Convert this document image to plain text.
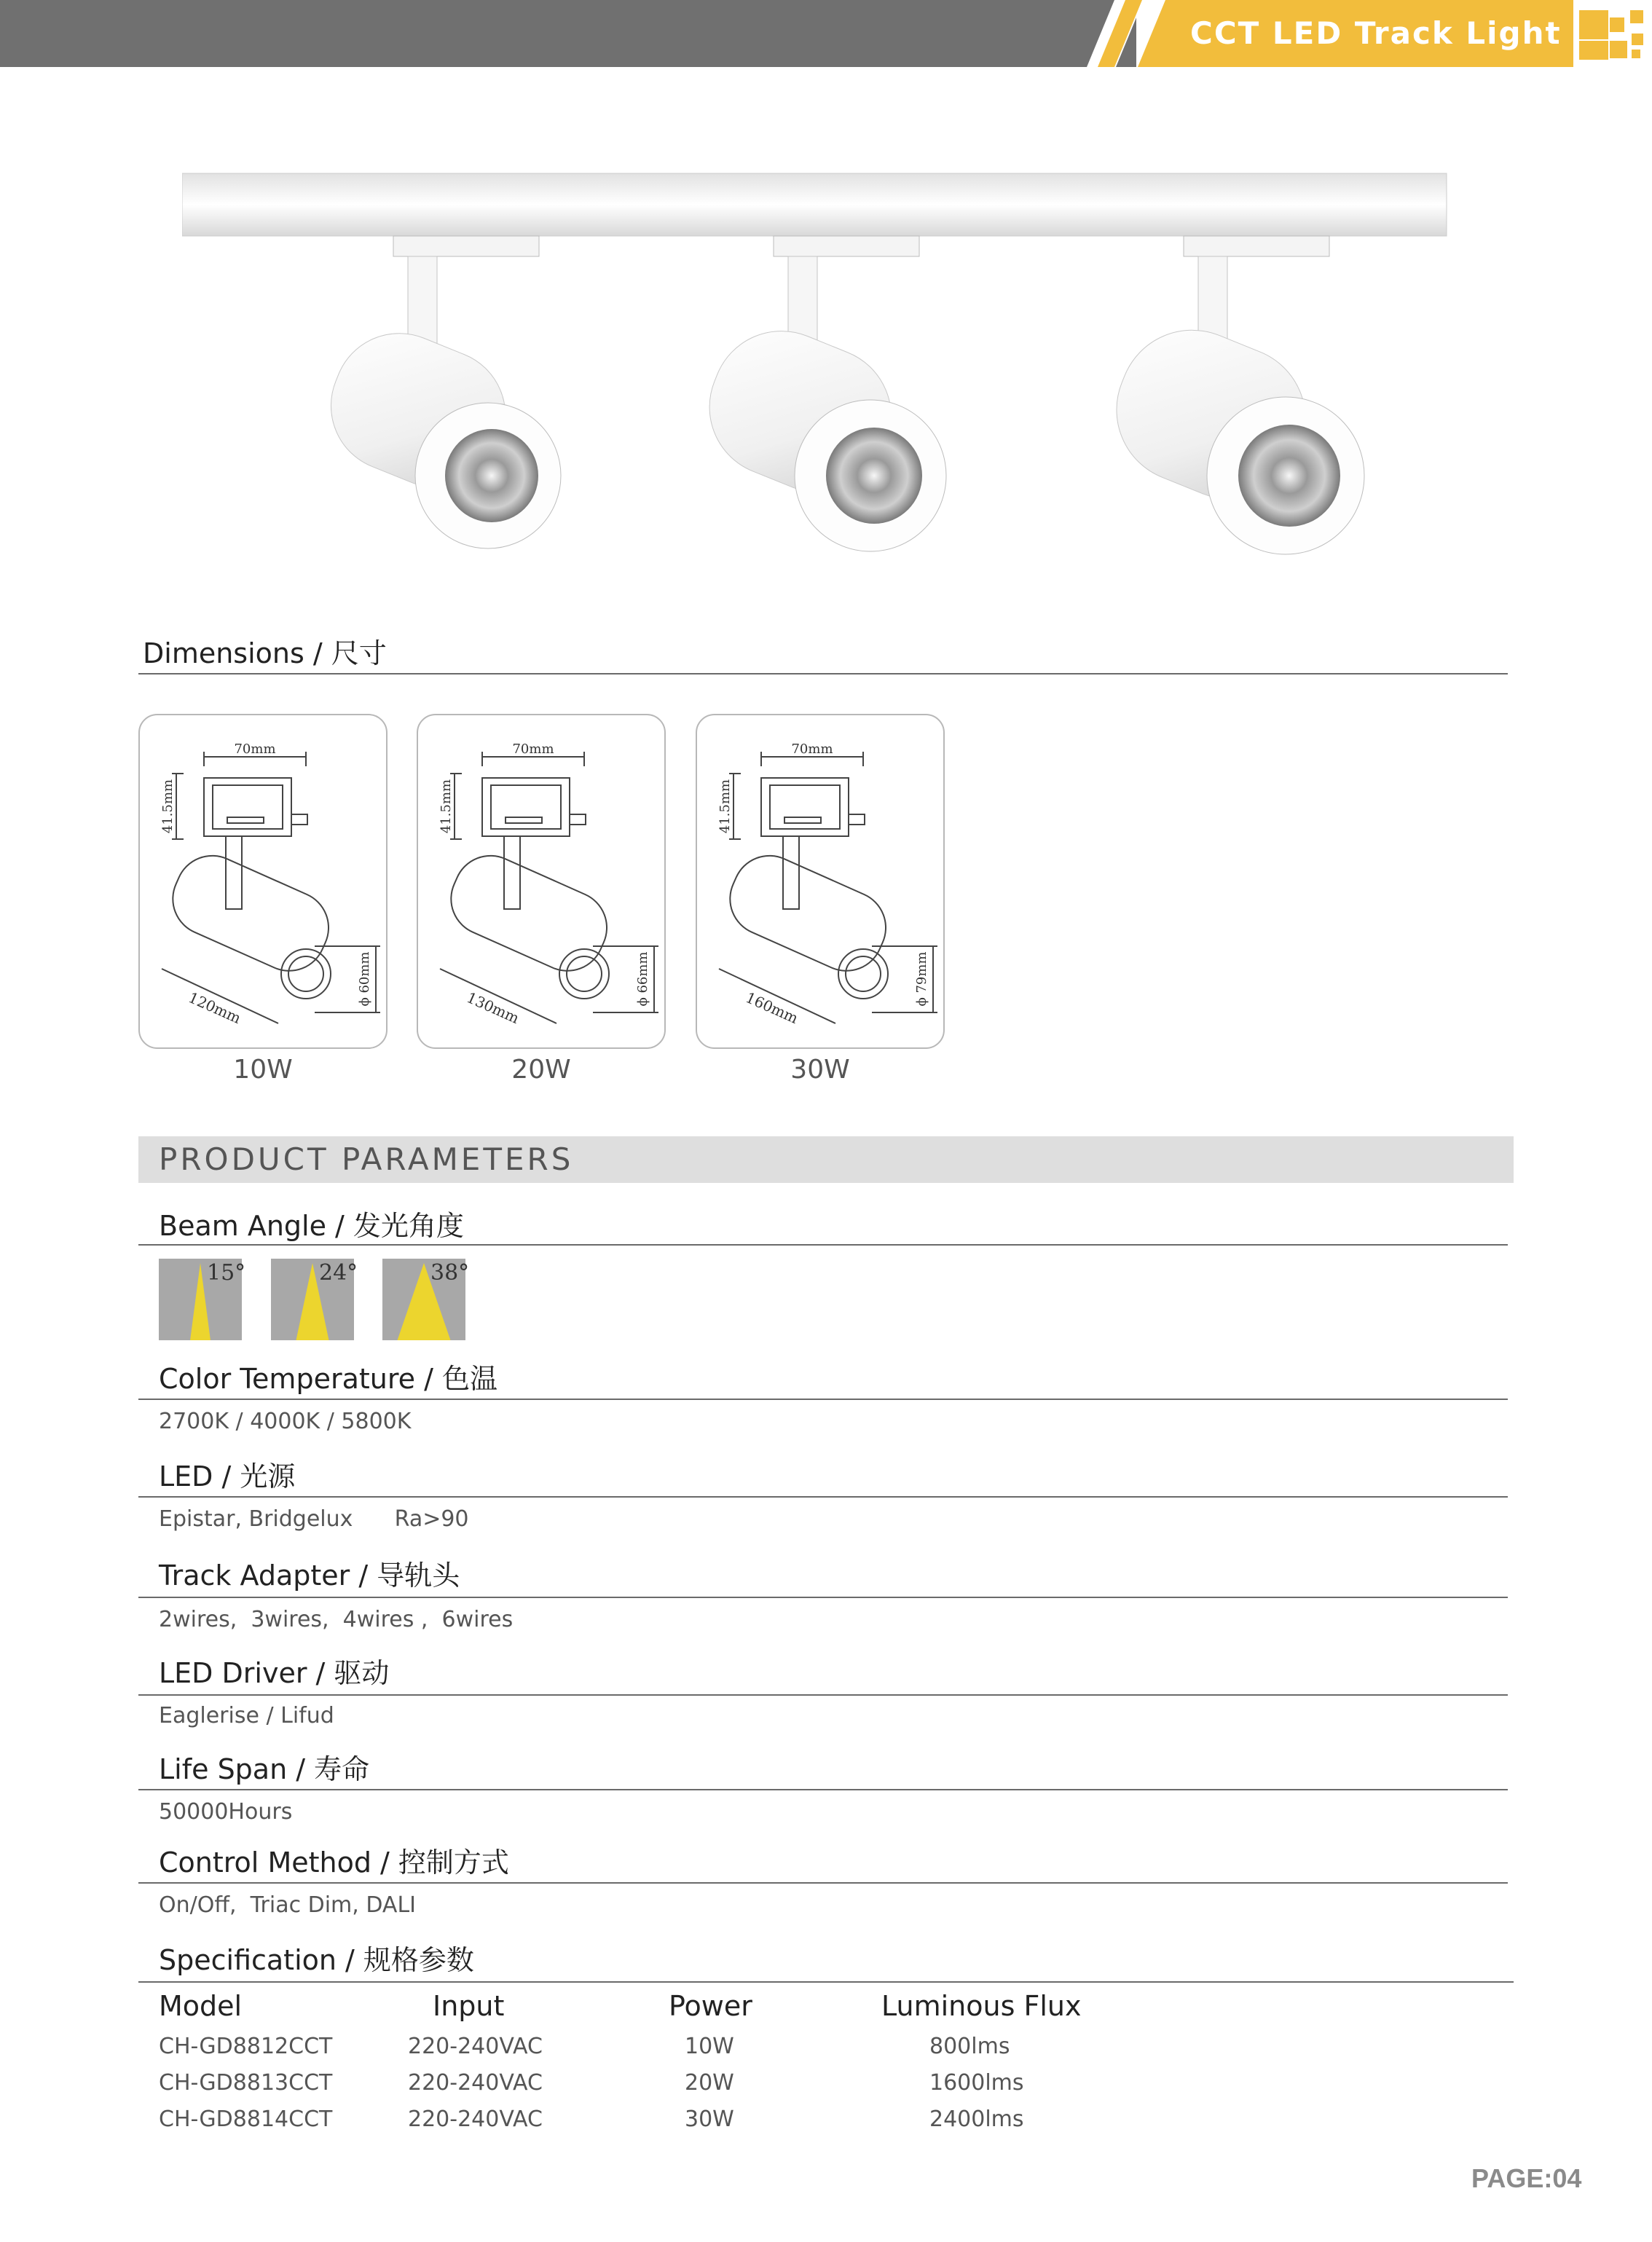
CCT LED Track Light
Dimensions / 尺寸
70mm
41.5mm
120mm
ϕ 60mm
10W
70mm
41.5mm
130mm
ϕ 66mm
20W
70mm
41.5mm
160mm
ϕ 79mm
30W
PRODUCT PARAMETERS
Beam Angle / 发光角度
15°	24°	38°
Color Temperature / 色温
2700K / 4000K / 5800K
LED / 光源
Epistar, Bridgelux      Ra>90
Track Adapter / 导轨头
2wires,  3wires,  4wires ,  6wires
LED Driver / 驱动
Eaglerise / Lifud
Life Span / 寿命
50000Hours
Control Method / 控制方式
On/Off,  Triac Dim, DALI
Specification / 规格参数
Model	Input	Power	Luminous Flux
CH-GD8812CCT	220-240VAC	10W	800lms
CH-GD8813CCT	220-240VAC	20W	1600lms
CH-GD8814CCT	220-240VAC	30W	2400lms
PAGE:04
